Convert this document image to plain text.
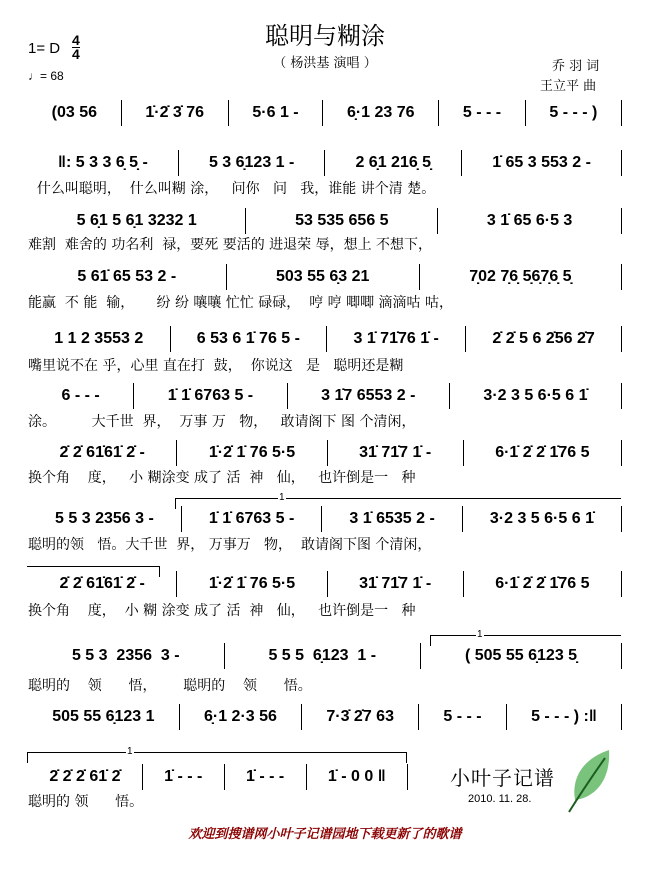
聪明与糊涂
（ 杨洪基 演唱 ）
1= D 4
4
♩= 68
乔 羽 词
王立平 曲
(03 56	1̇·2̇ 3̇ 76	5·6 1 -	6̣·1 23 76	5 - - -	5 - - - )
‖: 5 3 3 6̣ 5̣ -	5 3 6̣123 1 -	2 6̣1 216̣ 5̣	1̇ 65 3 553 2 -
什么叫聪明，  什么叫糊 涂，   问你   问   我，谁能 讲个清 楚。
5 6̣1 5 6̣1 3232 1	53 535 656 5	3 1̇ 65 6·5 3
难割  难舍的 功名利  禄，要死 要活的 进退荣 辱，想上 不想下，
5 61̇ 65 53 2 -	503 55 6̣3 21	7̣02 7̣6̣ 5̣6̣7̣6̣ 5̣
能赢  不 能  输，     纷 纷 嚷嚷 忙忙 碌碌，  哼 哼 唧唧 滴滴咕 咕，
1 1 2 3553 2	6 53 6 1̇ 76 5 -	3 1̇ 71̇76 1̇ -	2̇ 2̇ 5 6 2̇56 2̇7
嘴里说不在 乎，心里 直在打  鼓，  你说这   是   聪明还是糊
6 - - -	1̇ 1̇ 6763 5 -	3 1̇7 6553 2 -	3·2 3 5 6·5 6 1̇
涂。        大千世  界，  万事 万   物，   敢请阁下 图 个清闲，
2̇ 2̇ 61̇61̇ 2̇ -	1̇·2̇ 1̇ 76 5·5	31̇ 71̇7 1̇ -	6·1̇ 2̇ 2̇ 1̇76 5
换个角    度，   小 糊涂变 成了 活  神   仙，   也许倒是一   种
5 5 3 2356 3 -	1̇ 1̇ 6763 5 -	3 1̇ 6535 2 -	3·2 3 5 6·5 6 1̇
聪明的领   悟。大千世  界， 万事万   物，  敢请阁下图 个清闲，
2̇ 2̇ 61̇61̇ 2̇ -	1̇·2̇ 1̇ 76 5·5	31̇ 71̇7 1̇ -	6·1̇ 2̇ 2̇ 1̇76 5
换个角    度，  小 糊 涂变 成了 活  神   仙，   也许倒是一   种
5 5 3  2356  3 -	5 5 5  6̣123  1 -	( 505 55 6̣123 5̣
聪明的    领      悟，      聪明的    领      悟。
505 55 6̣123 1	6̣·1 2·3 56	7·3̇ 2̇7 63	5 - - -	5 - - - ) :‖
2̇ 2̇ 2̇ 61̇ 2̇	1̇ - - -	1̇ - - -	1̇ - 0 0 ‖
聪明的 领      悟。
1
1
1
小叶子记谱
2010. 11. 28.
欢迎到搜谱网小叶子记谱园地下载更新了的歌谱
